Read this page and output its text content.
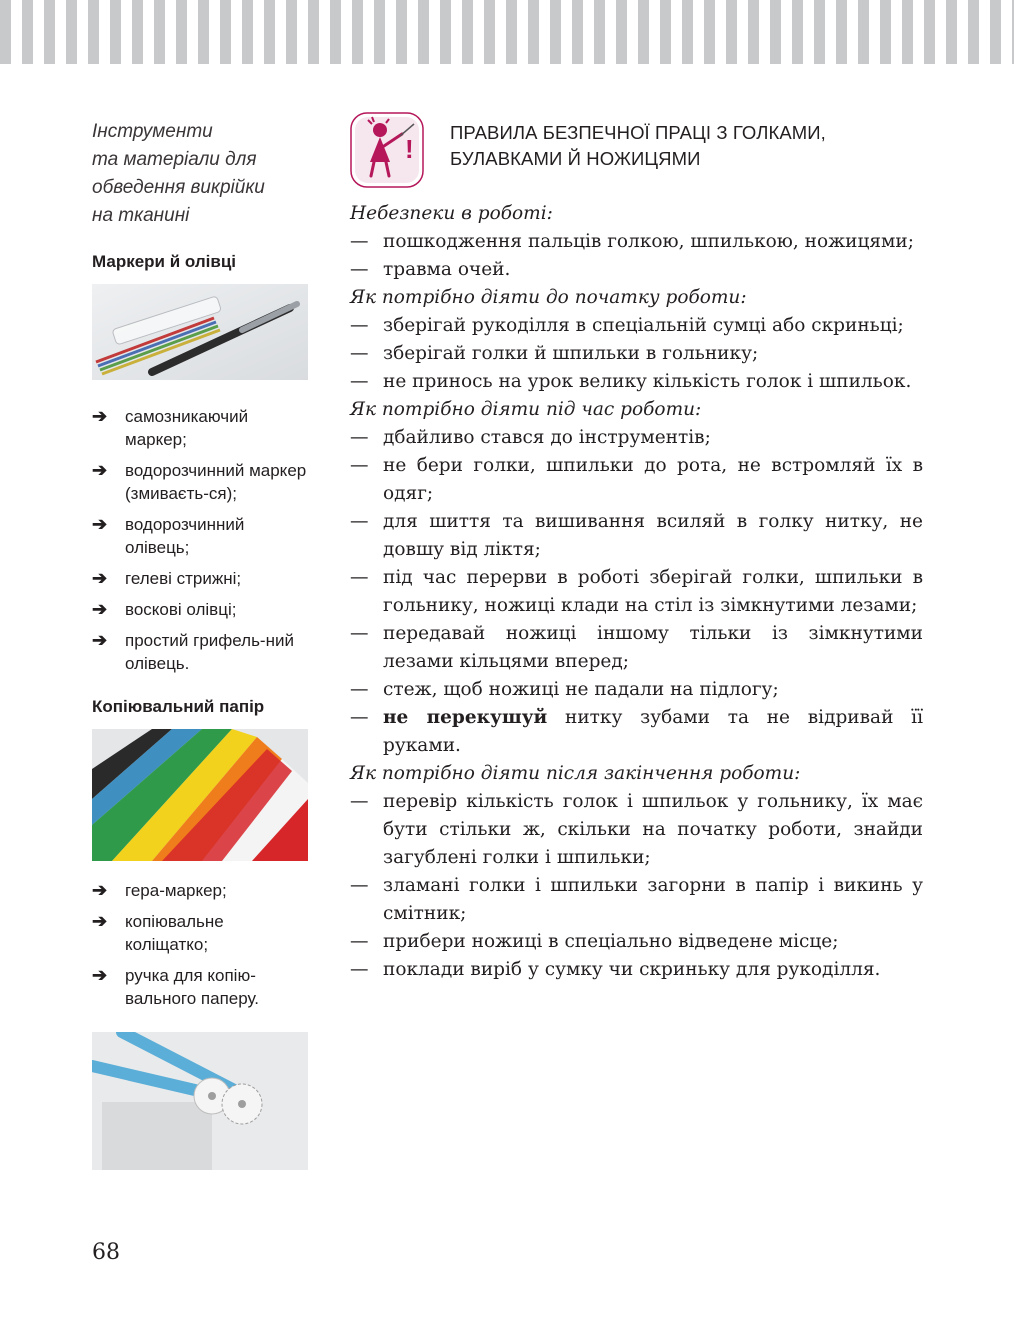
Інструменти
та матеріали для
обведення викрійки
на тканині

Маркери й олівці

➔ самозникаючий маркер;
➔ водорозчинний маркер (змиваєть-ся);
➔ водорозчинний олівець;
➔ гелеві стрижні;
➔ воскові олівці;
➔ простий грифель-ний олівець.

Копіювальний папір

➔ гера-маркер;
➔ копіювальне коліщатко;
➔ ручка для копію-вального паперу.
!

ПРАВИЛА БЕЗПЕЧНОЇ ПРАЦІ З ГОЛКАМИ,
БУЛАВКАМИ Й НОЖИЦЯМИ

Небезпеки в роботі:

— пошкодження пальців голкою, шпилькою, ножицями;

— травма очей.

Як потрібно діяти до початку роботи:

— зберігай рукоділля в спеціальній сумці або скриньці;

— зберігай голки й шпильки в гольнику;

— не принось на урок велику кількість голок і шпильок.

Як потрібно діяти під час роботи:

— дбайливо стався до інструментів;

— не бери голки, шпильки до рота, не встромляй їх в одяг;

— для шиття та вишивання всиляй в голку нитку, не довшу від ліктя;

— під час перерви в роботі зберігай голки, шпильки в гольнику, ножиці клади на стіл із зімкнутими лезами;

— передавай ножиці іншому тільки із зімкнутими лезами кільцями вперед;

— стеж, щоб ножиці не падали на підлогу;

— не перекушуй нитку зубами та не відривай її руками.

Як потрібно діяти після закінчення роботи:

— перевір кількість голок і шпильок у гольнику, їх має бути стільки ж, скільки на початку роботи, знайди загублені голки і шпильки;

— зламані голки і шпильки загорни в папір і викинь у смітник;

— прибери ножиці в спеціально відведене місце;

— поклади виріб у сумку чи скриньку для рукоділля.

68
